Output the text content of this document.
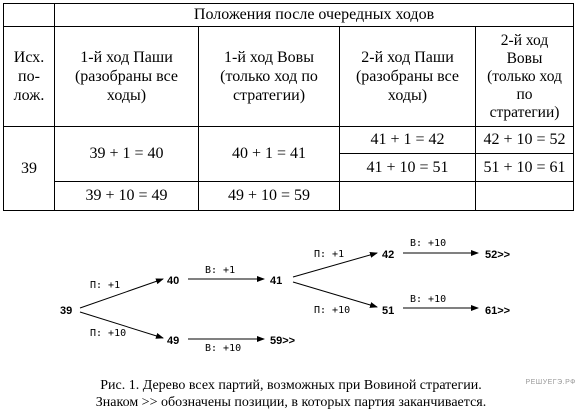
	Положения после очередных ходов			

Исх.
по-
лож.	1-й ход Паши
(разобраны все
ходы)	1-й ход Вовы
(только ход по
стратегии)	2-й ход Паши
(разобраны все
ходы)	2-й ход
Вовы
(только ход
по
стратегии)

39	39 + 1 = 40	40 + 1 = 41	41 + 1 = 42	42 + 10 = 52
			41 + 10 = 51	51 + 10 = 61
	39 + 10 = 49	49 + 10 = 59		
П: +1
П: +10
В: +1
В: +10
П: +1
П: +10
В: +10
В: +10
39
40
49
41
59>>
42
51
52>>
61>>
Рис. 1. Дерево всех партий, возможных при Вовиной стратегии.
Знаком >> обозначены позиции, в которых партия заканчивается.
РЕШУЕГЭ.РФ
